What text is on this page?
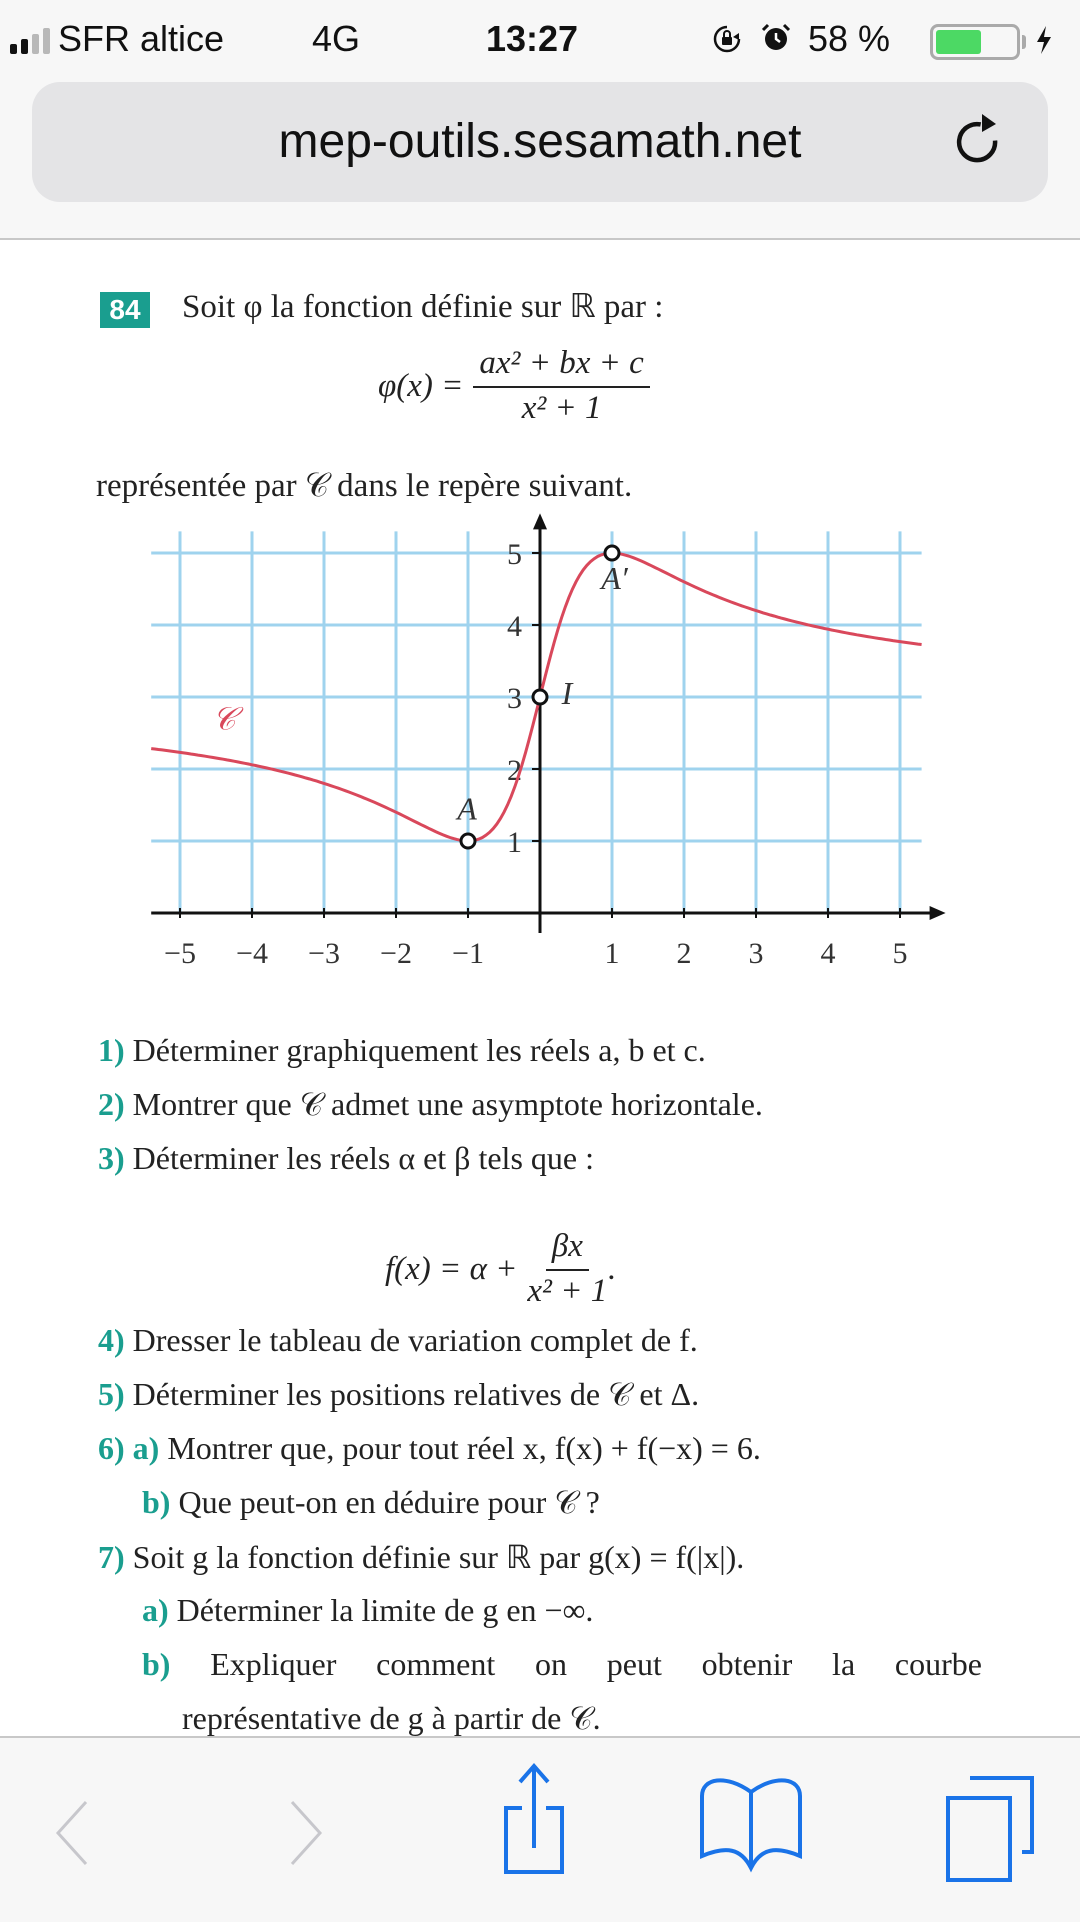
SFR altice 4G	13:27	58 %
mep-outils.sesamath.net
84 Soit φ la fonction définie sur ℝ par :
$\varphi(x) = \frac{\text{ax² + bx + c}}{\text{x² + 1}}$
représentée par 𝒞 dans le repère suivant.
−5 −4 −3 −2 −1	1 2 3 4 5
1
2
3
4
5
𝒞
A
I
A′
1) Déterminer graphiquement les réels a, b et c.
2) Montrer que 𝒞 admet une asymptote horizontale.
3) Déterminer les réels α et β tels que :
$f(x) = \alpha + \frac{\beta x}{\text{x² + 1}}$ .
4) Dresser le tableau de variation complet de f.
5) Déterminer les positions relatives de 𝒞 et Δ.
6) a) Montrer que, pour tout réel x, f(x) + f(−x) = 6.
b) Que peut-on en déduire pour 𝒞 ?
7) Soit g la fonction définie sur ℝ par g(x) = f(|x|).
a) Déterminer la limite de g en −∞.
b) Expliquer comment on peut obtenir la courbe
représentative de g à partir de 𝒞.
